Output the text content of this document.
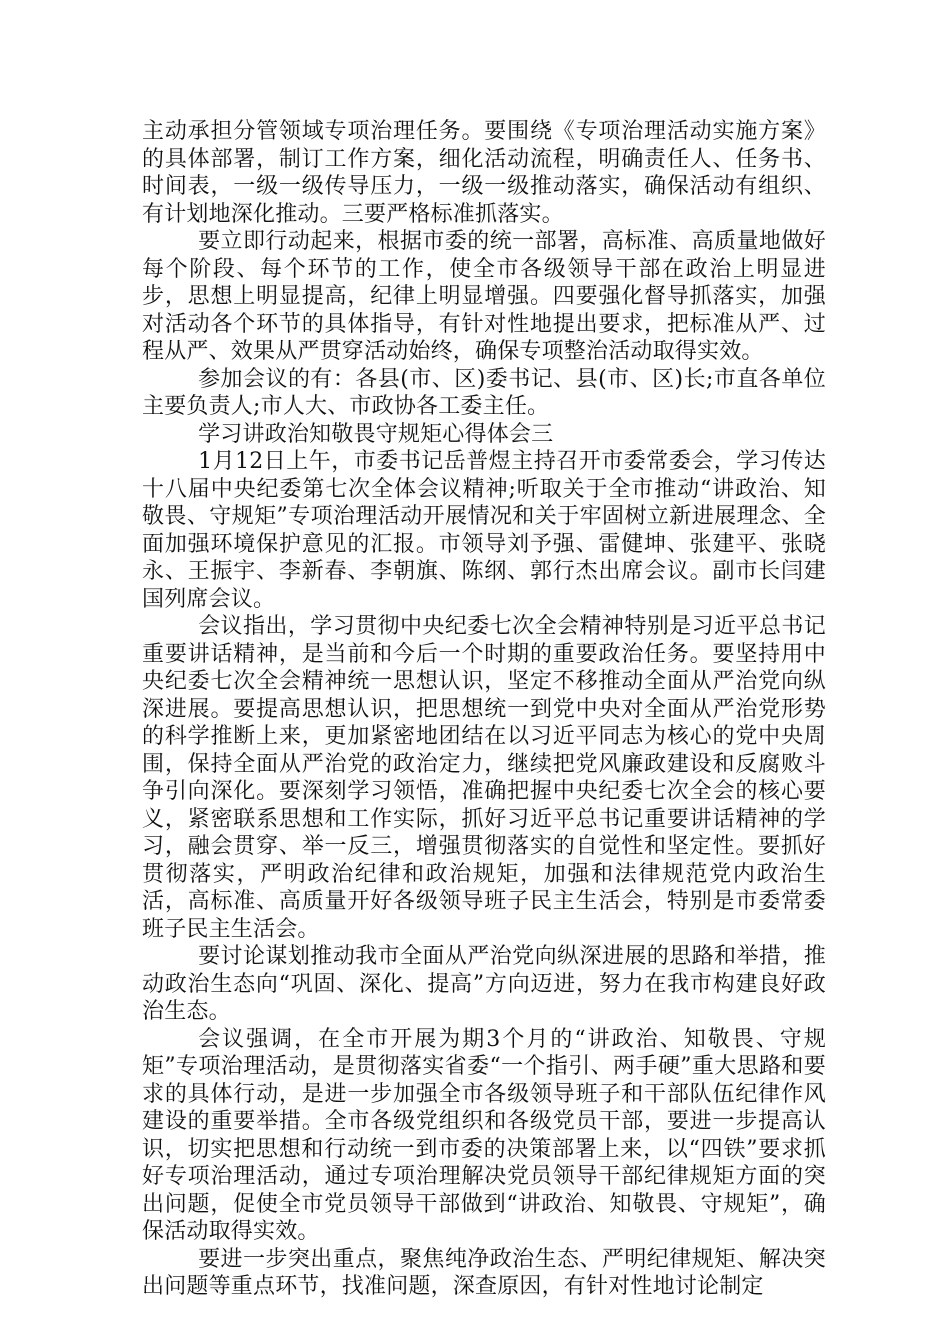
主动承担分管领域专项治理任务。要围绕《专项治理活动实施方案》的具体部署，制订工作方案，细化活动流程，明确责任人、任务书、时间表，一级一级传导压力，一级一级推动落实，确保活动有组织、有计划地深化推动。三要严格标准抓落实。

要立即行动起来，根据市委的统一部署，高标准、高质量地做好每个阶段、每个环节的工作，使全市各级领导干部在政治上明显进步，思想上明显提高，纪律上明显增强。四要强化督导抓落实，加强对活动各个环节的具体指导，有针对性地提出要求，把标准从严、过程从严、效果从严贯穿活动始终，确保专项整治活动取得实效。

参加会议的有：各县(市、区)委书记、县(市、区)长;市直各单位主要负责人;市人大、市政协各工委主任。

学习讲政治知敬畏守规矩心得体会三

1月12日上午，市委书记岳普煜主持召开市委常委会，学习传达十八届中央纪委第七次全体会议精神;听取关于全市推动“讲政治、知敬畏、守规矩”专项治理活动开展情况和关于牢固树立新进展理念、全面加强环境保护意见的汇报。市领导刘予强、雷健坤、张建平、张晓永、王振宇、李新春、李朝旗、陈纲、郭行杰出席会议。副市长闫建国列席会议。

会议指出，学习贯彻中央纪委七次全会精神特别是习近平总书记重要讲话精神，是当前和今后一个时期的重要政治任务。要坚持用中央纪委七次全会精神统一思想认识，坚定不移推动全面从严治党向纵深进展。要提高思想认识，把思想统一到党中央对全面从严治党形势的科学推断上来，更加紧密地团结在以习近平同志为核心的党中央周围，保持全面从严治党的政治定力，继续把党风廉政建设和反腐败斗争引向深化。要深刻学习领悟，准确把握中央纪委七次全会的核心要义，紧密联系思想和工作实际，抓好习近平总书记重要讲话精神的学习，融会贯穿、举一反三，增强贯彻落实的自觉性和坚定性。要抓好贯彻落实，严明政治纪律和政治规矩，加强和法律规范党内政治生活，高标准、高质量开好各级领导班子民主生活会，特别是市委常委班子民主生活会。

要讨论谋划推动我市全面从严治党向纵深进展的思路和举措，推动政治生态向“巩固、深化、提高”方向迈进，努力在我市构建良好政治生态。

会议强调，在全市开展为期3个月的“讲政治、知敬畏、守规矩”专项治理活动，是贯彻落实省委“一个指引、两手硬”重大思路和要求的具体行动，是进一步加强全市各级领导班子和干部队伍纪律作风建设的重要举措。全市各级党组织和各级党员干部，要进一步提高认识，切实把思想和行动统一到市委的决策部署上来，以“四铁”要求抓好专项治理活动，通过专项治理解决党员领导干部纪律规矩方面的突出问题，促使全市党员领导干部做到“讲政治、知敬畏、守规矩”，确保活动取得实效。

要进一步突出重点，聚焦纯净政治生态、严明纪律规矩、解决突出问题等重点环节，找准问题，深查原因，有针对性地讨论制定
